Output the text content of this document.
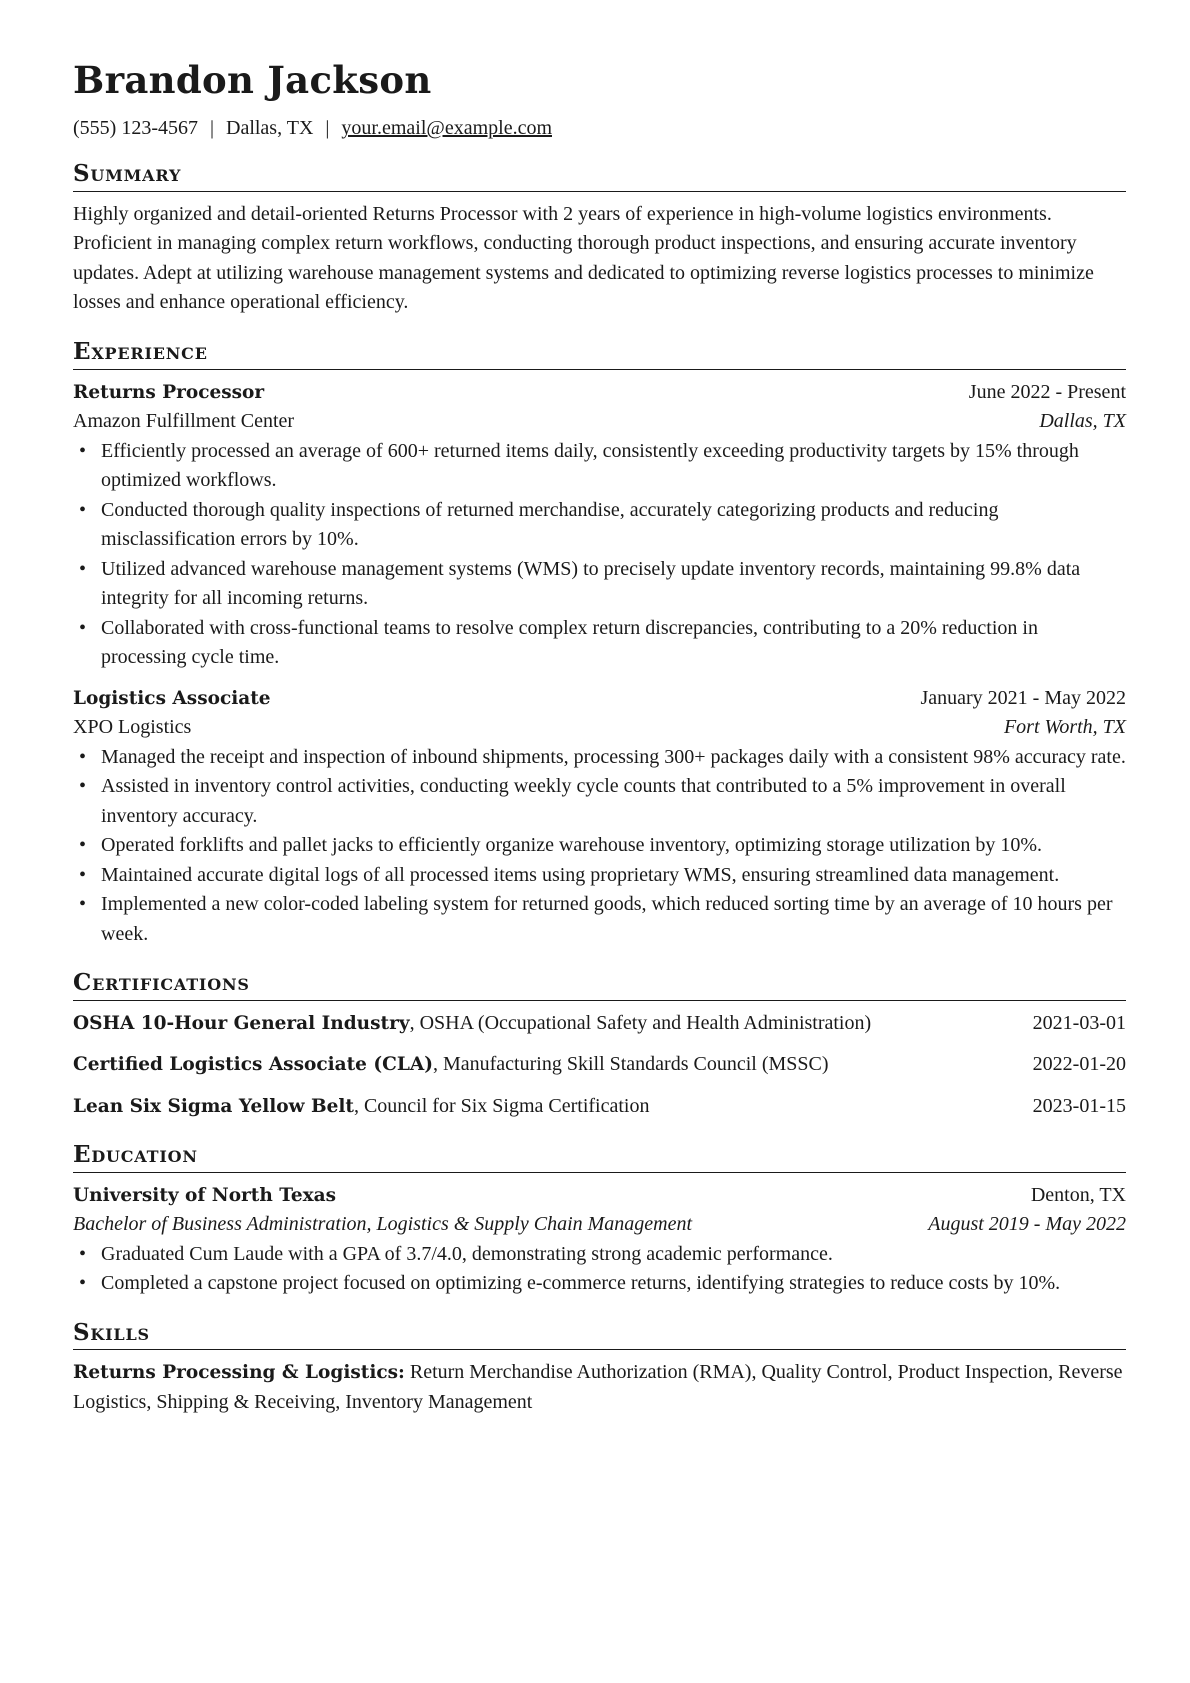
Brandon Jackson
(555) 123-4567 | Dallas, TX | your.email@example.com
Summary
Highly organized and detail-oriented Returns Processor with 2 years of experience in high-volume logistics environments. Proficient in managing complex return workflows, conducting thorough product inspections, and ensuring accurate inventory updates. Adept at utilizing warehouse management systems and dedicated to optimizing reverse logistics processes to minimize losses and enhance operational efficiency.
Experience
Returns Processor	June 2022 - Present
Amazon Fulfillment Center	Dallas, TX
• Efficiently processed an average of 600+ returned items daily, consistently exceeding productivity targets by 15% through optimized workflows.
• Conducted thorough quality inspections of returned merchandise, accurately categorizing products and reducing misclassification errors by 10%.
• Utilized advanced warehouse management systems (WMS) to precisely update inventory records, maintaining 99.8% data integrity for all incoming returns.
• Collaborated with cross-functional teams to resolve complex return discrepancies, contributing to a 20% reduction in processing cycle time.
Logistics Associate	January 2021 - May 2022
XPO Logistics	Fort Worth, TX
• Managed the receipt and inspection of inbound shipments, processing 300+ packages daily with a consistent 98% accuracy rate.
• Assisted in inventory control activities, conducting weekly cycle counts that contributed to a 5% improvement in overall inventory accuracy.
• Operated forklifts and pallet jacks to efficiently organize warehouse inventory, optimizing storage utilization by 10%.
• Maintained accurate digital logs of all processed items using proprietary WMS, ensuring streamlined data management.
• Implemented a new color-coded labeling system for returned goods, which reduced sorting time by an average of 10 hours per week.
Certifications
OSHA 10-Hour General Industry, OSHA (Occupational Safety and Health Administration)	2021-03-01
Certified Logistics Associate (CLA), Manufacturing Skill Standards Council (MSSC)	2022-01-20
Lean Six Sigma Yellow Belt, Council for Six Sigma Certification	2023-01-15
Education
University of North Texas	Denton, TX
Bachelor of Business Administration, Logistics & Supply Chain Management	August 2019 - May 2022
• Graduated Cum Laude with a GPA of 3.7/4.0, demonstrating strong academic performance.
• Completed a capstone project focused on optimizing e-commerce returns, identifying strategies to reduce costs by 10%.
Skills
Returns Processing & Logistics: Return Merchandise Authorization (RMA), Quality Control, Product Inspection, Reverse Logistics, Shipping & Receiving, Inventory Management
